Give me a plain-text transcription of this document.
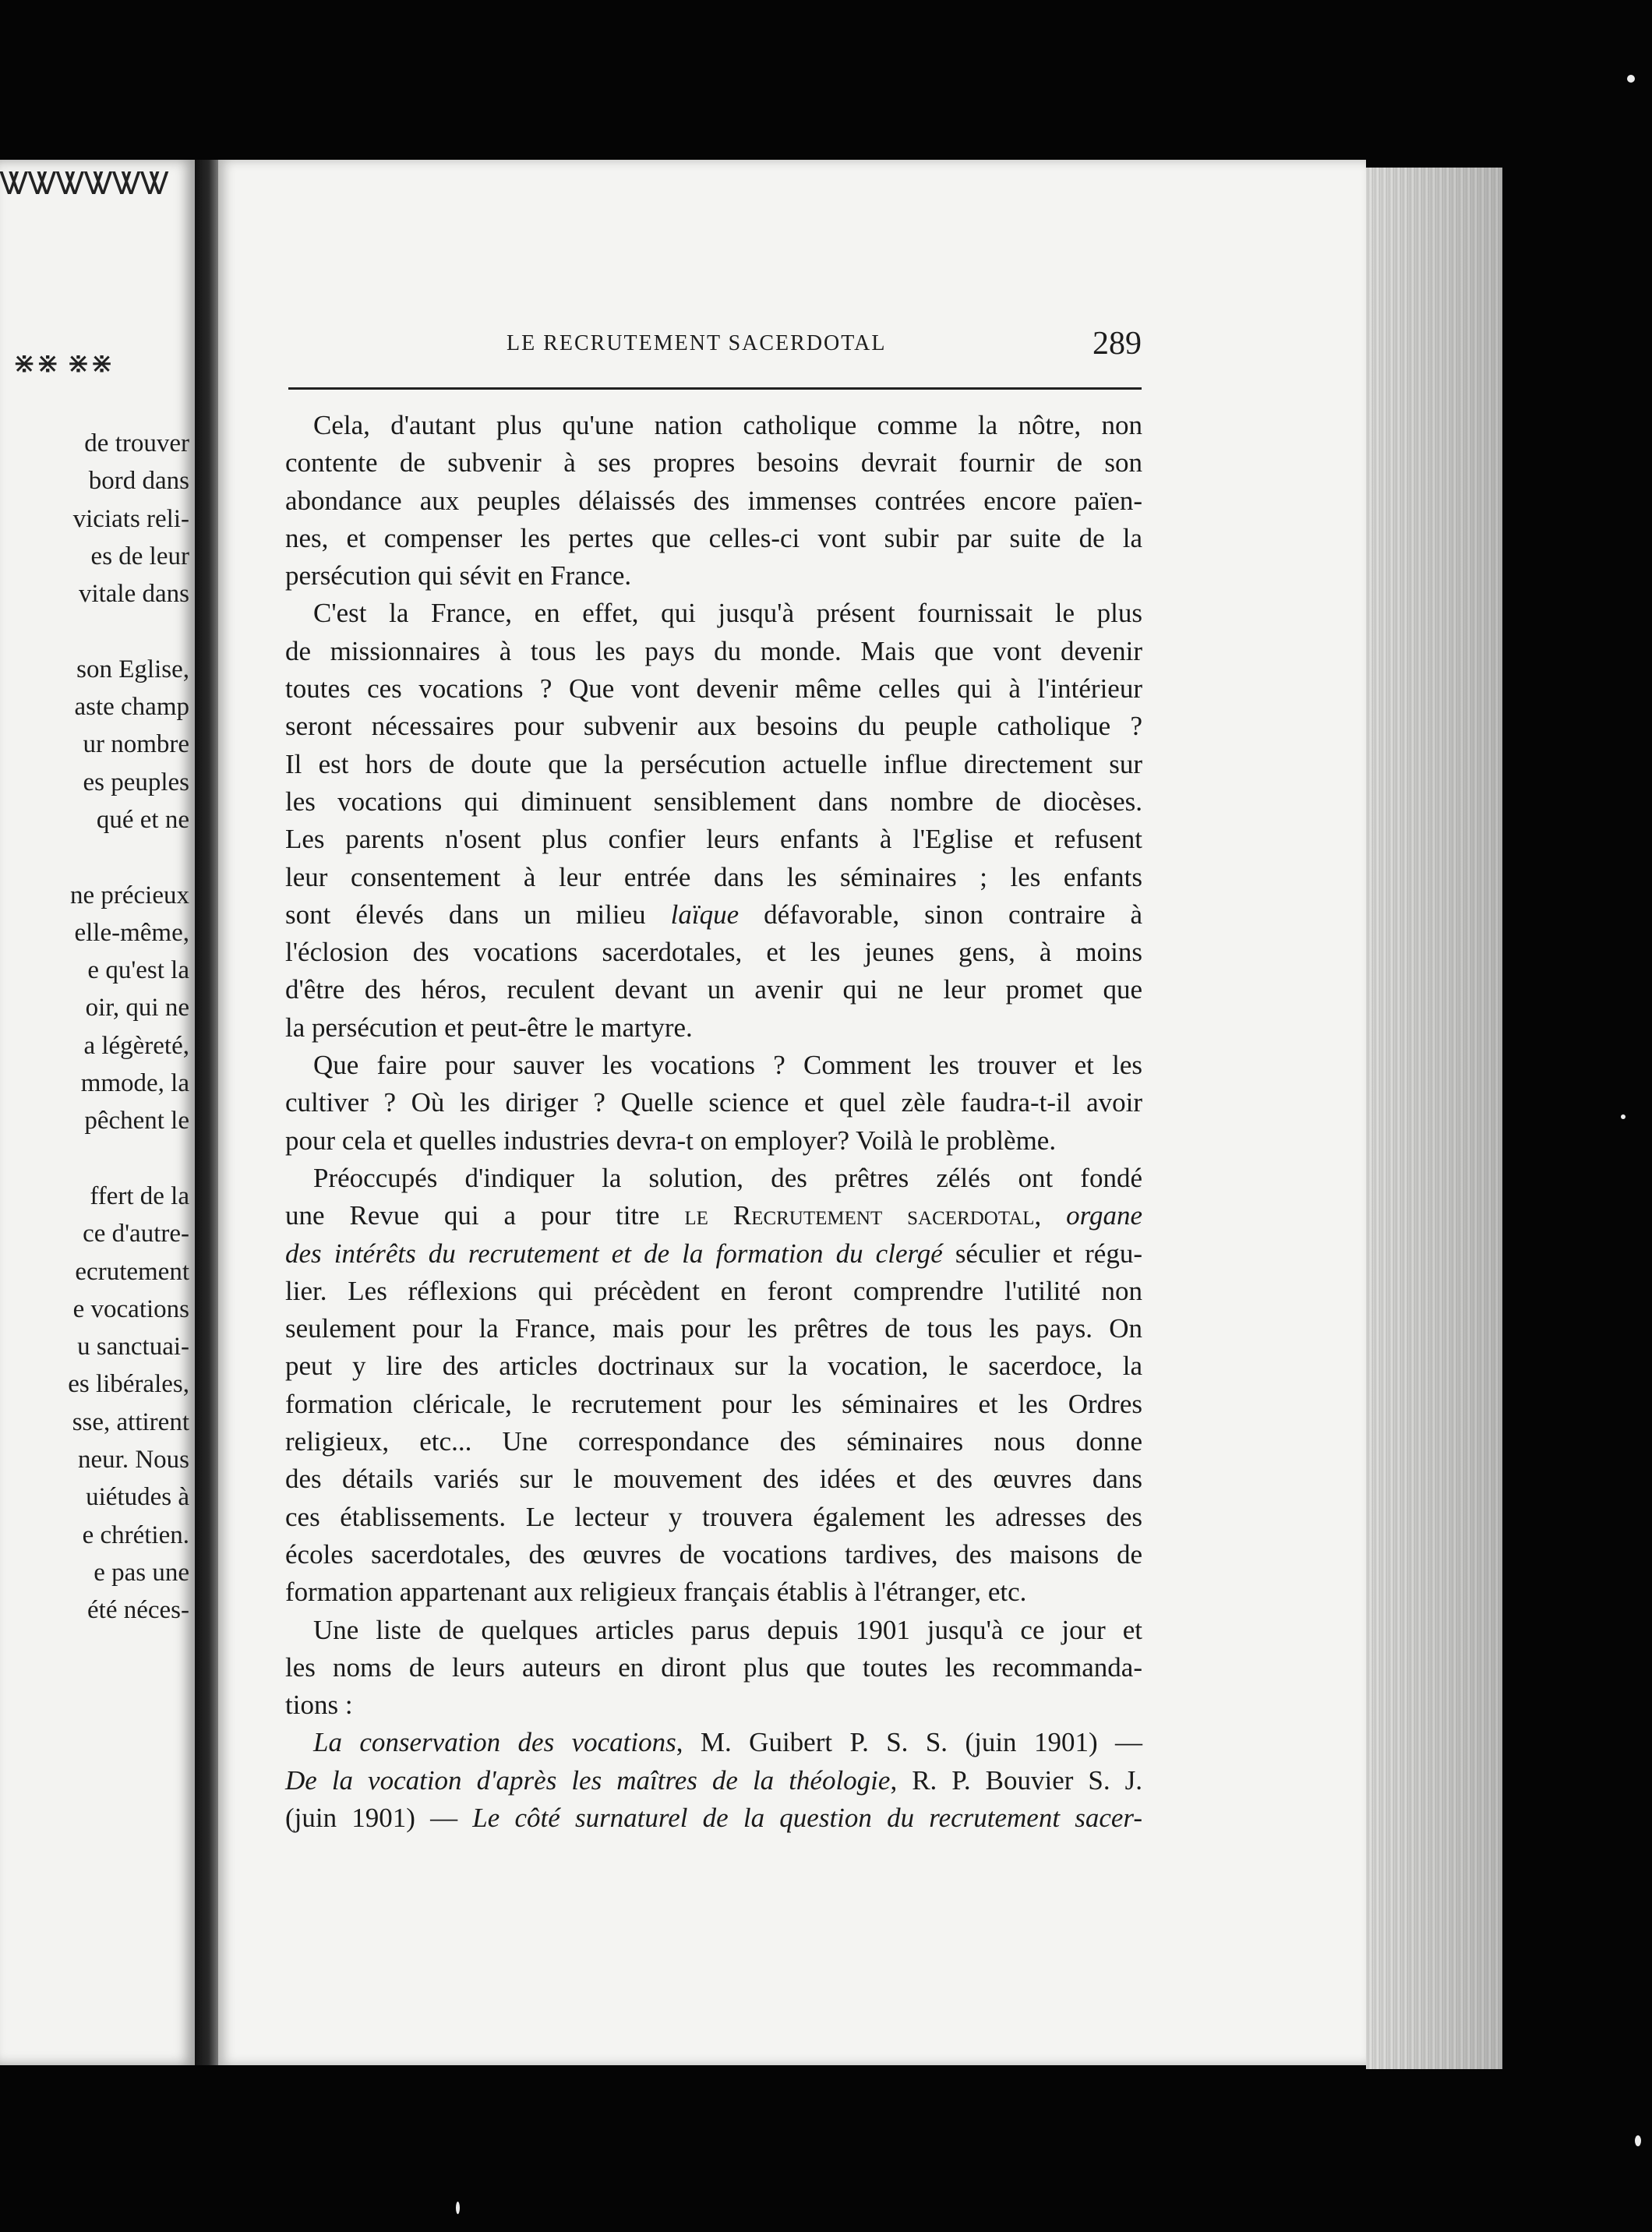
ᏔᏔᏔᏔᏔᏔ
⋇⋇ ⋇⋇
de trouver
bord dans
viciats reli-
es de leur
vitale dans

son Eglise,
aste champ
ur nombre
es peuples
qué et ne

ne précieux
elle-même,
e qu'est la
oir, qui ne
a légèreté,
mmode, la
pêchent le

ffert de la
ce d'autre-
ecrutement
e vocations
u sanctuai-
es libérales,
sse, attirent
neur. Nous
uiétudes à
e chrétien.
e pas une
été néces-
LE RECRUTEMENT SACERDOTAL	289
Cela, d'autant plus qu'une nation catholique comme la nôtre, non
contente de subvenir à ses propres besoins devrait fournir de son
abondance aux peuples délaissés des immenses contrées encore païen-
nes, et compenser les pertes que celles-ci vont subir par suite de la
persécution qui sévit en France.
C'est la France, en effet, qui jusqu'à présent fournissait le plus
de missionnaires à tous les pays du monde. Mais que vont devenir
toutes ces vocations ? Que vont devenir même celles qui à l'intérieur
seront nécessaires pour subvenir aux besoins du peuple catholique ?
Il est hors de doute que la persécution actuelle influe directement sur
les vocations qui diminuent sensiblement dans nombre de diocèses.
Les parents n'osent plus confier leurs enfants à l'Eglise et refusent
leur consentement à leur entrée dans les séminaires ; les enfants
sont élevés dans un milieu laïque défavorable, sinon contraire à
l'éclosion des vocations sacerdotales, et les jeunes gens, à moins
d'être des héros, reculent devant un avenir qui ne leur promet que
la persécution et peut-être le martyre.
Que faire pour sauver les vocations ? Comment les trouver et les
cultiver ? Où les diriger ? Quelle science et quel zèle faudra-t-il avoir
pour cela et quelles industries devra-t on employer? Voilà le problème.
Préoccupés d'indiquer la solution, des prêtres zélés ont fondé
une Revue qui a pour titre le Recrutement sacerdotal, organe
des intérêts du recrutement et de la formation du clergé séculier et régu-
lier. Les réflexions qui précèdent en feront comprendre l'utilité non
seulement pour la France, mais pour les prêtres de tous les pays. On
peut y lire des articles doctrinaux sur la vocation, le sacerdoce, la
formation cléricale, le recrutement pour les séminaires et les Ordres
religieux, etc... Une correspondance des séminaires nous donne
des détails variés sur le mouvement des idées et des œuvres dans
ces établissements. Le lecteur y trouvera également les adresses des
écoles sacerdotales, des œuvres de vocations tardives, des maisons de
formation appartenant aux religieux français établis à l'étranger, etc.
Une liste de quelques articles parus depuis 1901 jusqu'à ce jour et
les noms de leurs auteurs en diront plus que toutes les recommanda-
tions :
La conservation des vocations, M. Guibert P. S. S. (juin 1901) —
De la vocation d'après les maîtres de la théologie, R. P. Bouvier S. J.
(juin 1901) — Le côté surnaturel de la question du recrutement sacer-
